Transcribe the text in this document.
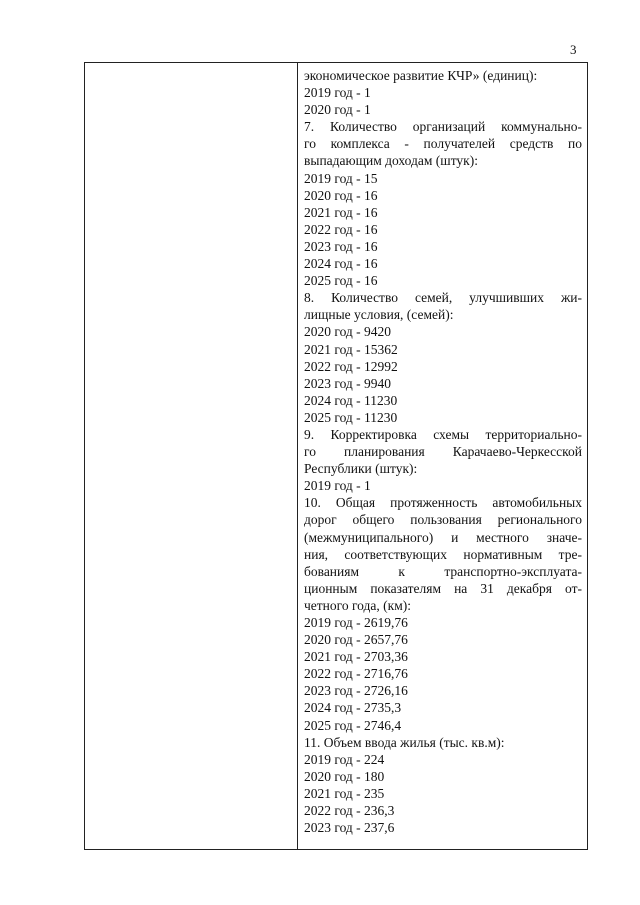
3
экономическое развитие КЧР» (единиц):
2019 год - 1
2020 год - 1
7. Количество организаций коммунально-
го комплекса - получателей средств по
выпадающим доходам (штук):
2019 год - 15
2020 год - 16
2021 год - 16
2022 год - 16
2023 год - 16
2024 год - 16
2025 год - 16
8. Количество семей, улучшивших жи-
лищные условия, (семей):
2020 год - 9420
2021 год - 15362
2022 год - 12992
2023 год - 9940
2024 год - 11230
2025 год - 11230
9. Корректировка схемы территориально-
го планирования Карачаево-Черкесской
Республики (штук):
2019 год - 1
10. Общая протяженность автомобильных
дорог общего пользования регионального
(межмуниципального) и местного значе-
ния, соответствующих нормативным тре-
бованиям к транспортно-эксплуата-
ционным показателям на 31 декабря от-
четного года, (км):
2019 год - 2619,76
2020 год - 2657,76
2021 год - 2703,36
2022 год - 2716,76
2023 год - 2726,16
2024 год - 2735,3
2025 год - 2746,4
11. Объем ввода жилья (тыс. кв.м):
2019 год - 224
2020 год - 180
2021 год - 235
2022 год - 236,3
2023 год - 237,6
